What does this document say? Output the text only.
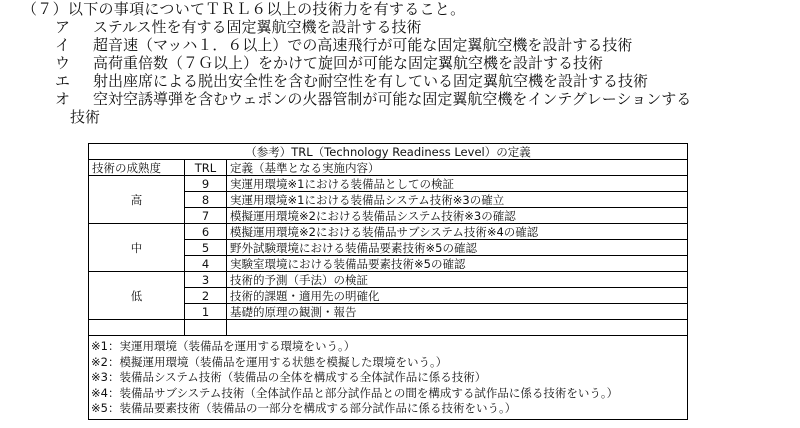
（７）以下の事項についてＴＲＬ６以上の技術力を有すること。
ア	ステルス性を有する固定翼航空機を設計する技術
イ	超音速（マッハ１．６以上）での高速飛行が可能な固定翼航空機を設計する技術
ウ	高荷重倍数（７Ｇ以上）をかけて旋回が可能な固定翼航空機を設計する技術
エ	射出座席による脱出安全性を含む耐空性を有している固定翼航空機を設計する技術
オ	空対空誘導弾を含むウェポンの火器管制が可能な固定翼航空機をインテグレーションする
技術
（参考）TRL（Technology Readiness Level）の定義		
技術の成熟度	TRL	定義（基準となる実施内容）
高	9	実運用環境※1における装備品としての検証
	8	実運用環境※1における装備品システム技術※3の確立
	7	模擬運用環境※2における装備品システム技術※3の確認
中	6	模擬運用環境※2における装備品サブシステム技術※4の確認
	5	野外試験環境における装備品要素技術※5の確認
	4	実験室環境における装備品要素技術※5の確認
低	3	技術的予測（手法）の検証
	2	技術的課題・適用先の明確化
	1	基礎的原理の観測・報告

※1：実運用環境（装備品を運用する環境をいう。）
※2：模擬運用環境（装備品を運用する状態を模擬した環境をいう。）
※3：装備品システム技術（装備品の全体を構成する全体試作品に係る技術）
※4：装備品サブシステム技術（全体試作品と部分試作品との間を構成する試作品に係る技術をいう。）
※5：装備品要素技術（装備品の一部分を構成する部分試作品に係る技術をいう。）
